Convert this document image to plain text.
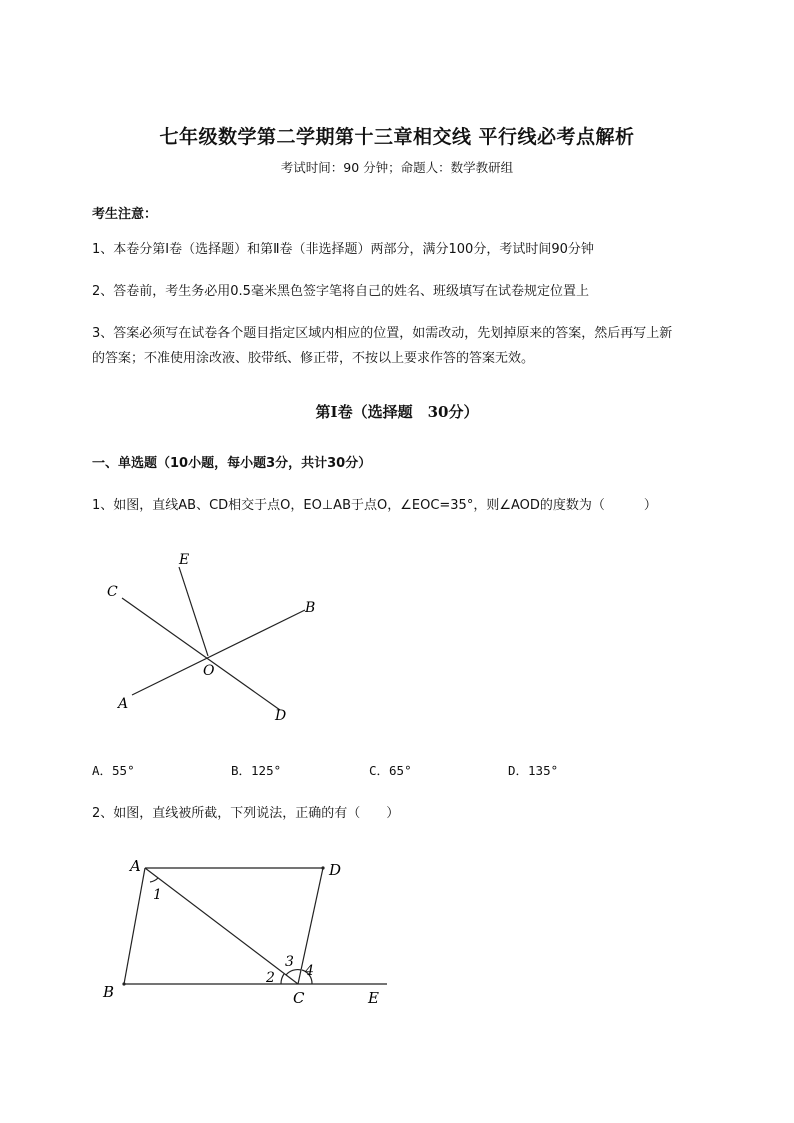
七年级数学第二学期第十三章相交线 平行线必考点解析
考试时间：90 分钟；命题人：数学教研组
考生注意：
1、本卷分第Ⅰ卷（选择题）和第Ⅱ卷（非选择题）两部分，满分100分，考试时间90分钟
2、答卷前，考生务必用0.5毫米黑色签字笔将自己的姓名、班级填写在试卷规定位置上
3、答案必须写在试卷各个题目指定区域内相应的位置，如需改动，先划掉原来的答案，然后再写上新
的答案；不准使用涂改液、胶带纸、修正带，不按以上要求作答的答案无效。
第Ⅰ卷（选择题　30分）
一、单选题（10小题，每小题3分，共计30分）
1、如图，直线AB、CD相交于点O，EO⊥AB于点O，∠EOC=35°，则∠AOD的度数为（　　　）
E
C
B
O
A
D
A．55°	B．125°	C．65°	D．135°
2、如图，直线被所截，下列说法，正确的有（　　）
A	D
B	C	E
1
2
3
4
